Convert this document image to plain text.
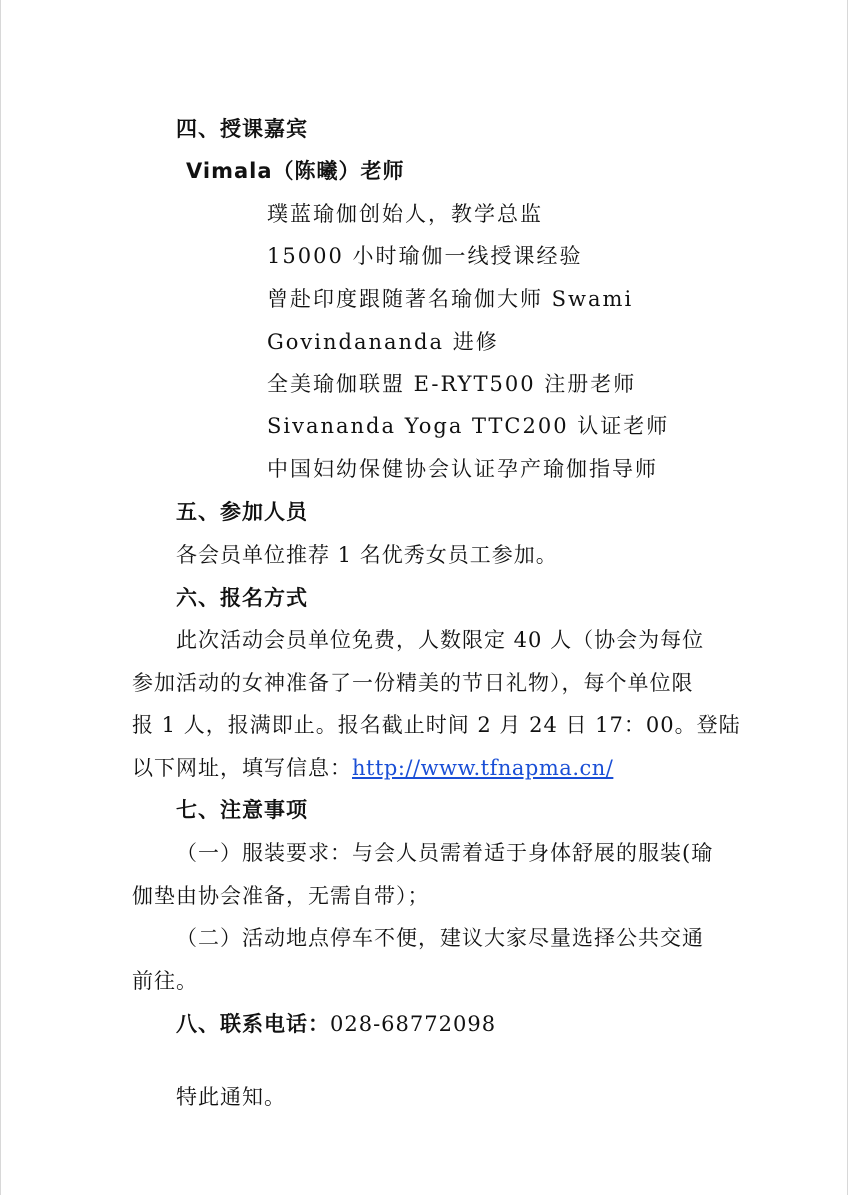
四、授课嘉宾
Vimala（陈曦）老师
璞蓝瑜伽创始人，教学总监
15000 小时瑜伽一线授课经验
曾赴印度跟随著名瑜伽大师 Swami
Govindananda 进修
全美瑜伽联盟 E-RYT500 注册老师
Sivananda Yoga TTC200 认证老师
中国妇幼保健协会认证孕产瑜伽指导师
五、参加人员
各会员单位推荐 1 名优秀女员工参加。
六、报名方式
此次活动会员单位免费，人数限定 40 人（协会为每位
参加活动的女神准备了一份精美的节日礼物），每个单位限
报 1 人，报满即止。报名截止时间 2 月 24 日 17：00。登陆
以下网址，填写信息：http://www.tfnapma.cn/
七、注意事项
（一）服装要求：与会人员需着适于身体舒展的服装(瑜
伽垫由协会准备，无需自带）；
（二）活动地点停车不便，建议大家尽量选择公共交通
前往。
八、联系电话：028-68772098
特此通知。
